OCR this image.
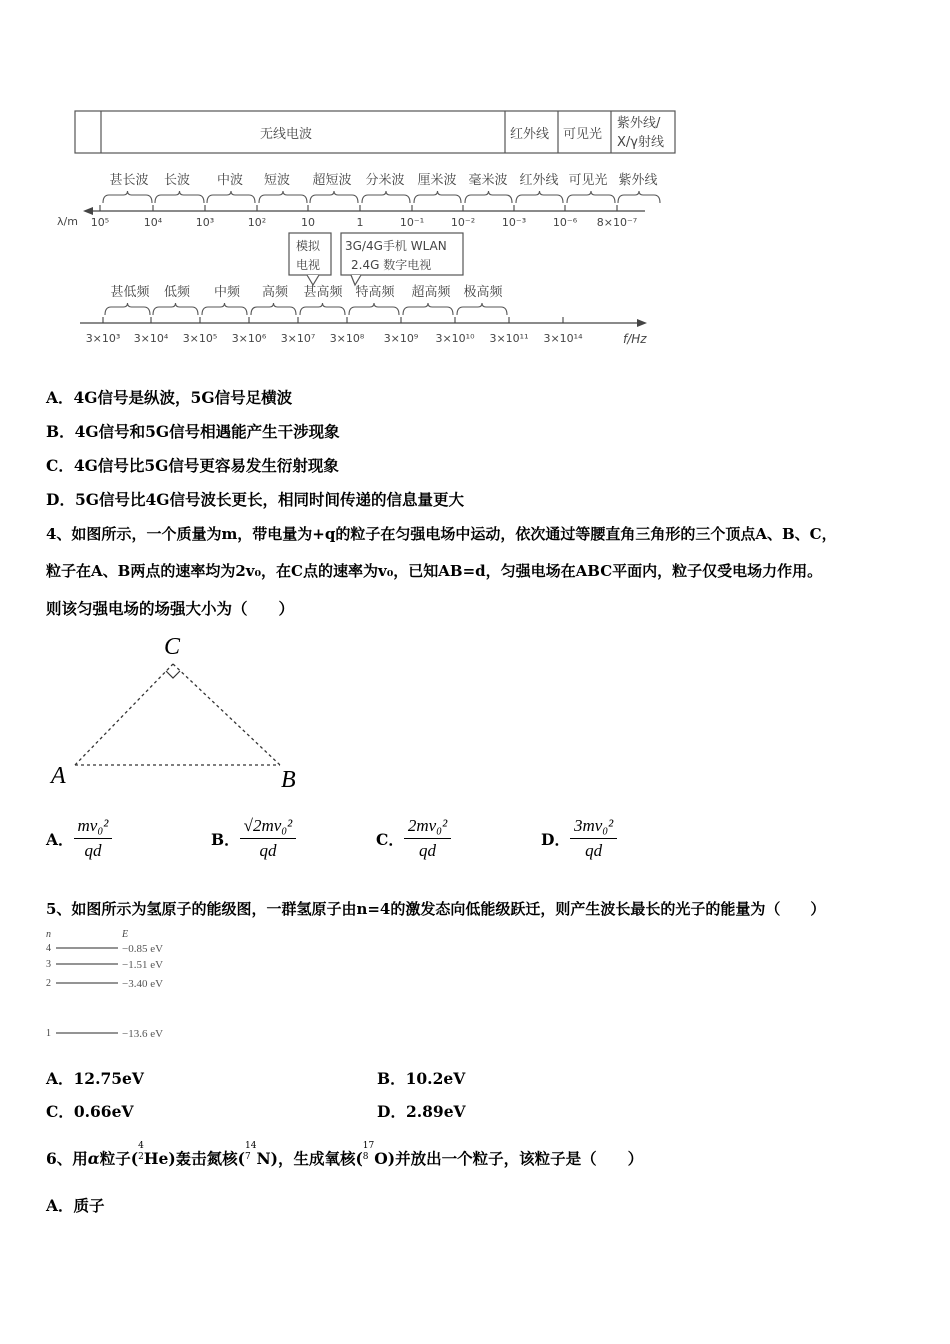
无线电波	红外线 可见光
紫外线/
X/γ射线
甚长波 长波 中波 短波 超短波 分米波 厘米波 毫米波 红外线 可见光 紫外线
λ/m 10⁵	10⁴	10³	10²	10	1	10⁻¹ 10⁻² 10⁻³ 10⁻⁶ 8×10⁻⁷
模拟
电视
3G/4G手机 WLAN
2.4G 数字电视
甚低频 低频 中频 高频 甚高频 特高频 超高频 极高频
3×10³ 3×10⁴ 3×10⁵ 3×10⁶ 3×10⁷ 3×10⁸ 3×10⁹ 3×10¹⁰ 3×10¹¹ 3×10¹⁴	f/Hz
A．4G信号是纵波，5G信号足横波
B．4G信号和5G信号相遇能产生干涉现象
C．4G信号比5G信号更容易发生衍射现象
D．5G信号比4G信号波长更长，相同时间传递的信息量更大
4、如图所示，一个质量为m，带电量为+q的粒子在匀强电场中运动，依次通过等腰直角三角形的三个顶点A、B、C，
粒子在A、B两点的速率均为2v₀，在C点的速率为v₀，已知AB=d，匀强电场在ABC平面内，粒子仅受电场力作用。
则该匀强电场的场强大小为（　　）
C
A	B
A． $\frac{\text{mv₀²}}{qd}$	B． $\frac{\text{√2mv₀²}}{qd}$	C． $\frac{\text{2mv₀²}}{qd}$	D． $\frac{\text{3mv₀²}}{qd}$
5、如图所示为氢原子的能级图，一群氢原子由n=4的激发态向低能级跃迁，则产生波长最长的光子的能量为（　　）
n	E
4	−0.85 eV
3	−1.51 eV
2	−3.40 eV
1	−13.6 eV
A．12.75eV	B．10.2eV
C．0.66eV	D．2.89eV
6、用 α 粒子(
4
2 He)轰击氮核(
14
7 N)，生成氧核(
17
8 O)并放出一个粒子，该粒子是（　　）
A．质子
